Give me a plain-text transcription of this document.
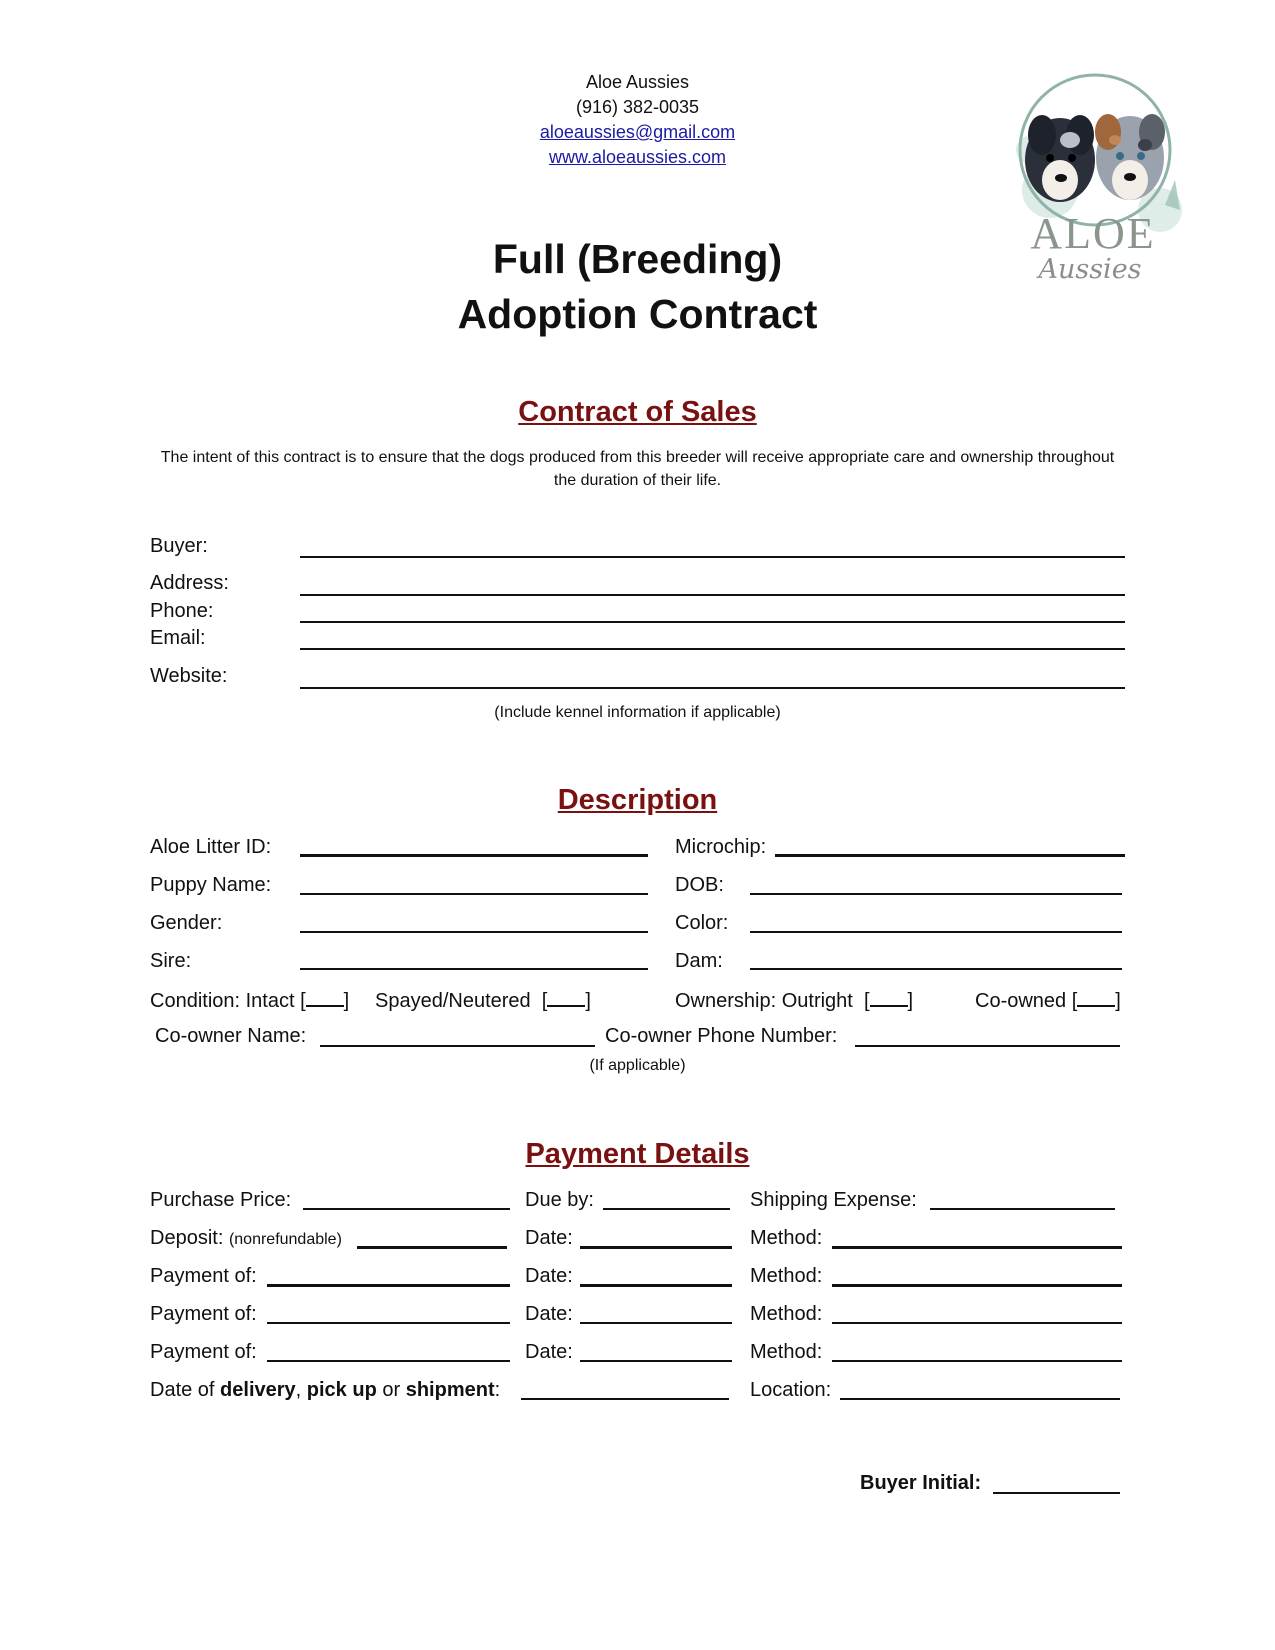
Aloe Aussies
(916) 382-0035
aloeaussies@gmail.com
www.aloeaussies.com
ALOE
Aussies
Full (Breeding)
Adoption Contract
Contract of Sales
The intent of this contract is to ensure that the dogs produced from this breeder will receive appropriate care and ownership throughout the duration of their life.
Buyer:
Address:
Phone:
Email:
Website:
(Include kennel information if applicable)
Description
Aloe Litter ID:	Microchip:
Puppy Name:	DOB:
Gender:	Color:
Sire:	Dam:
Condition: Intact [ ] Spayed/Neutered  [ ]	Ownership: Outright  [ ]	Co-owned [ ]
Co-owner Name:	Co-owner Phone Number:
(If applicable)
Payment Details
Purchase Price:	Due by:	Shipping Expense:
Deposit: (nonrefundable)	Date:	Method:
Payment of:	Date:	Method:
Payment of:	Date:	Method:
Payment of:	Date:	Method:
Date of delivery, pick up or shipment:	Location:
Buyer Initial:
